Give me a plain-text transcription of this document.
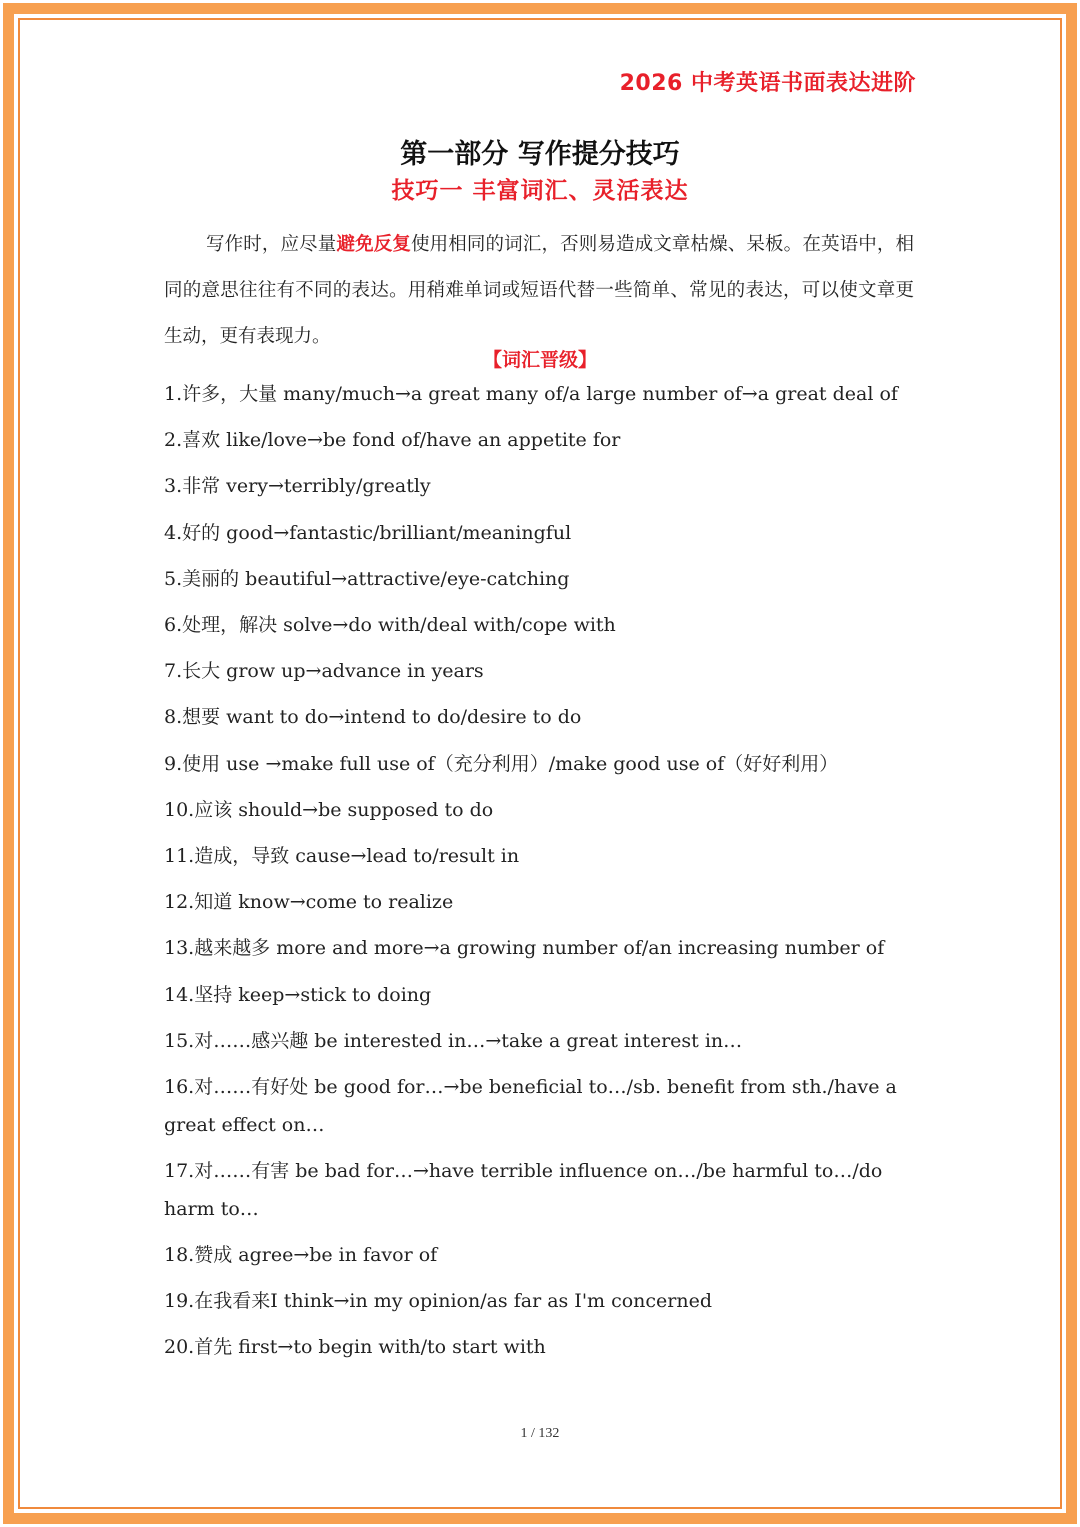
2026 中考英语书面表达进阶
第一部分 写作提分技巧
技巧一 丰富词汇、灵活表达

写作时，应尽量避免反复使用相同的词汇，否则易造成文章枯燥、呆板。在英语中，相同的意思往往有不同的表达。用稍难单词或短语代替一些简单、常见的表达，可以使文章更生动，更有表现力。

【词汇晋级】
1.许多，大量 many/much→a great many of/a large number of→a great deal of
2.喜欢 like/love→be fond of/have an appetite for
3.非常 very→terribly/greatly
4.好的 good→fantastic/brilliant/meaningful
5.美丽的 beautiful→attractive/eye-catching
6.处理，解决 solve→do with/deal with/cope with
7.长大 grow up→advance in years
8.想要 want to do→intend to do/desire to do
9.使用 use →make full use of（充分利用）/make good use of（好好利用）
10.应该 should→be supposed to do
11.造成，导致 cause→lead to/result in
12.知道 know→come to realize
13.越来越多 more and more→a growing number of/an increasing number of
14.坚持 keep→stick to doing
15.对……感兴趣 be interested in…→take a great interest in…
16.对……有好处 be good for…→be beneficial to…/sb. benefit from sth./have a great effect on…
17.对……有害 be bad for…→have terrible influence on…/be harmful to…/do harm to…
18.赞成 agree→be in favor of
19.在我看来I think→in my opinion/as far as I'm concerned
20.首先 first→to begin with/to start with
1 / 132
